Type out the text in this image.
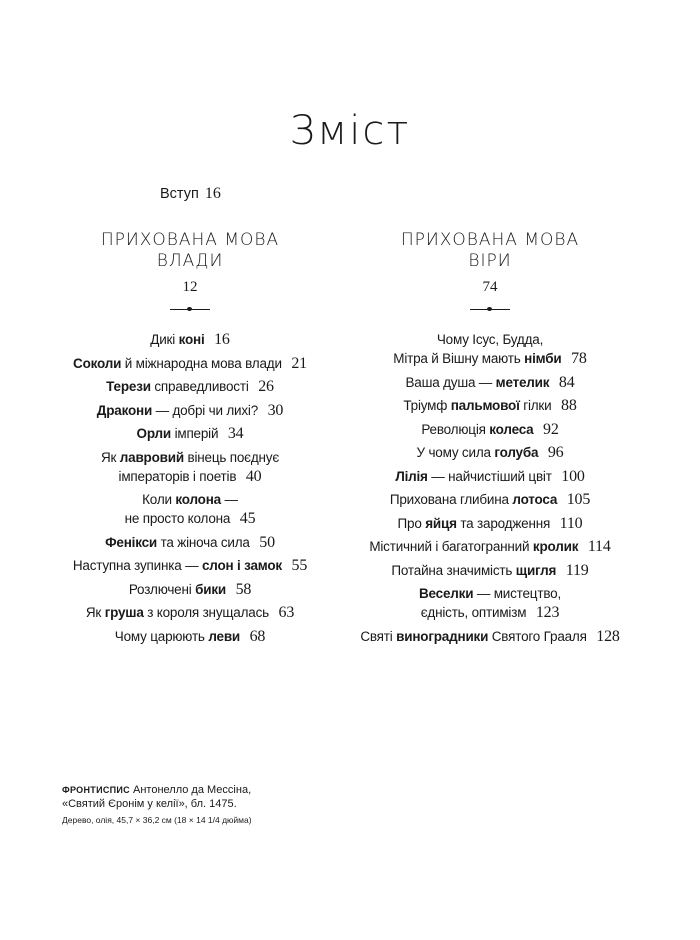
Зміст
Вступ 16
ПРИХОВАНА МОВА
ВЛАДИ
12
Дикі коні 16
Соколи й міжнародна мова влади 21
Терези справедливості 26
Дракони — добрі чи лихі? 30
Орли імперій 34
Як лавровий вінець поєднує
імператорів і поетів 40
Коли колона —
не просто колона 45
Фенікси та жіноча сила 50
Наступна зупинка — слон і замок 55
Розлючені бики 58
Як груша з короля знущалась 63
Чому царюють леви 68
ПРИХОВАНА МОВА
ВІРИ
74
Чому Ісус, Будда,
Мітра й Вішну мають німби 78
Ваша душа — метелик 84
Тріумф пальмової гілки 88
Революція колеса 92
У чому сила голуба 96
Лілія — найчистіший цвіт 100
Прихована глибина лотоса 105
Про яйця та зародження 110
Містичний і багатогранний кролик 114
Потайна значимість щигля 119
Веселки — мистецтво,
єдність, оптимізм 123
Святі виноградники Святого Грааля 128
ФРОНТИСПИС Антонелло да Мессіна,
«Святий Єронім у келії», бл. 1475.
Дерево, олія, 45,7 × 36,2 см (18 × 14 1/4 дюйма)
